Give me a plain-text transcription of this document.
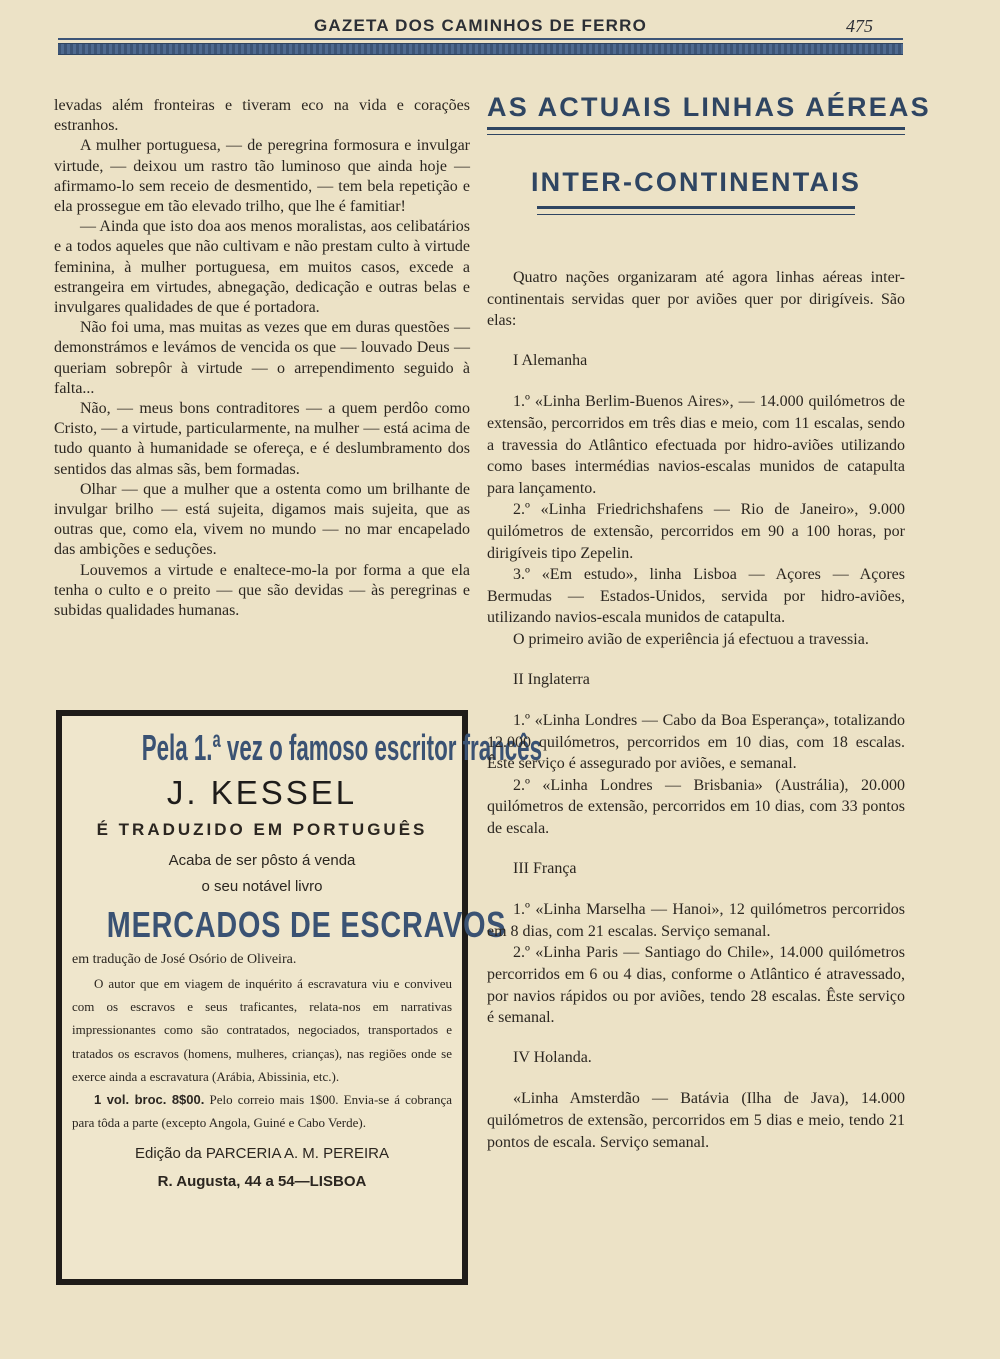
GAZETA DOS CAMINHOS DE FERRO	475

levadas além fronteiras e tiveram eco na vida e corações estranhos.

A mulher portuguesa, — de peregrina formosura e invulgar virtude, — deixou um rastro tão luminoso que ainda hoje — afirmamo-lo sem receio de desmentido, — tem bela repetição e ela prossegue em tão elevado trilho, que lhe é famitiar!

— Ainda que isto doa aos menos moralistas, aos celibatários e a todos aqueles que não cultivam e não prestam culto à virtude feminina, à mulher portuguesa, em muitos casos, excede a estrangeira em virtudes, abnegação, dedicação e outras belas e invulgares qualidades de que é portadora.

Não foi uma, mas muitas as vezes que em duras questões — demonstrámos e levámos de vencida os que — louvado Deus — queriam sobrepôr à virtude — o arrependimento seguido à falta...

Não, — meus bons contraditores — a quem perdôo como Cristo, — a virtude, particularmente, na mulher — está acima de tudo quanto à humanidade se ofereça, e é deslumbramento dos sentidos das almas sãs, bem formadas.

Olhar — que a mulher que a ostenta como um brilhante de invulgar brilho — está sujeita, digamos mais sujeita, que as outras que, como ela, vivem no mundo — no mar encapelado das ambições e seduções.

Louvemos a virtude e enaltece-mo-la por forma a que ela tenha o culto e o preito — que são devidas — às peregrinas e subidas qualidades humanas.

Pela 1.ª vez o famoso escritor francês

J. KESSEL

É TRADUZIDO EM PORTUGUÊS

Acaba de ser pôsto á venda
o seu notável livro

MERCADOS DE ESCRAVOS

em tradução de José Osório de Oliveira.

O autor que em viagem de inquérito á escravatura viu e conviveu com os escravos e seus traficantes, relata-nos em narrativas impressionantes como são contratados, negociados, transportados e tratados os escravos (homens, mulheres, crianças), nas regiões onde se exerce ainda a escravatura (Arábia, Abissinia, etc.).

1 vol. broc. 8$00. Pelo correio mais 1$00. Envia-se á cobrança para tôda a parte (excepto Angola, Guiné e Cabo Verde).

Edição da PARCERIA A. M. PEREIRA
R. Augusta, 44 a 54—LISBOA

AS ACTUAIS LINHAS AÉREAS
INTER-CONTINENTAIS

Quatro nações organizaram até agora linhas aéreas inter-continentais servidas quer por aviões quer por dirigíveis. São elas:

I Alemanha

1.º «Linha Berlim-Buenos Aires», — 14.000 quilómetros de extensão, percorridos em três dias e meio, com 11 escalas, sendo a travessia do Atlântico efectuada por hidro-aviões utilizando como bases intermédias navios-escalas munidos de catapulta para lançamento.

2.º «Linha Friedrichshafens — Rio de Janeiro», 9.000 quilómetros de extensão, percorridos em 90 a 100 horas, por dirigíveis tipo Zepelin.

3.º «Em estudo», linha Lisboa — Açores — Açores Bermudas — Estados-Unidos, servida por hidro-aviões, utilizando navios-escala munidos de catapulta.

O primeiro avião de experiência já efectuou a travessia.

II Inglaterra

1.º «Linha Londres — Cabo da Boa Esperança», totalizando 12.000 quilómetros, percorridos em 10 dias, com 18 escalas. Êste serviço é assegurado por aviões, e semanal.

2.º «Linha Londres — Brisbania» (Austrália), 20.000 quilómetros de extensão, percorridos em 10 dias, com 33 pontos de escala.

III França

1.º «Linha Marselha — Hanoi», 12 quilómetros percorridos em 8 dias, com 21 escalas. Serviço semanal.

2.º «Linha Paris — Santiago do Chile», 14.000 quilómetros percorridos em 6 ou 4 dias, conforme o Atlântico é atravessado, por navios rápidos ou por aviões, tendo 28 escalas. Êste serviço é semanal.

IV Holanda.

«Linha Amsterdão — Batávia (Ilha de Java), 14.000 quilómetros de extensão, percorridos em 5 dias e meio, tendo 21 pontos de escala. Serviço semanal.
